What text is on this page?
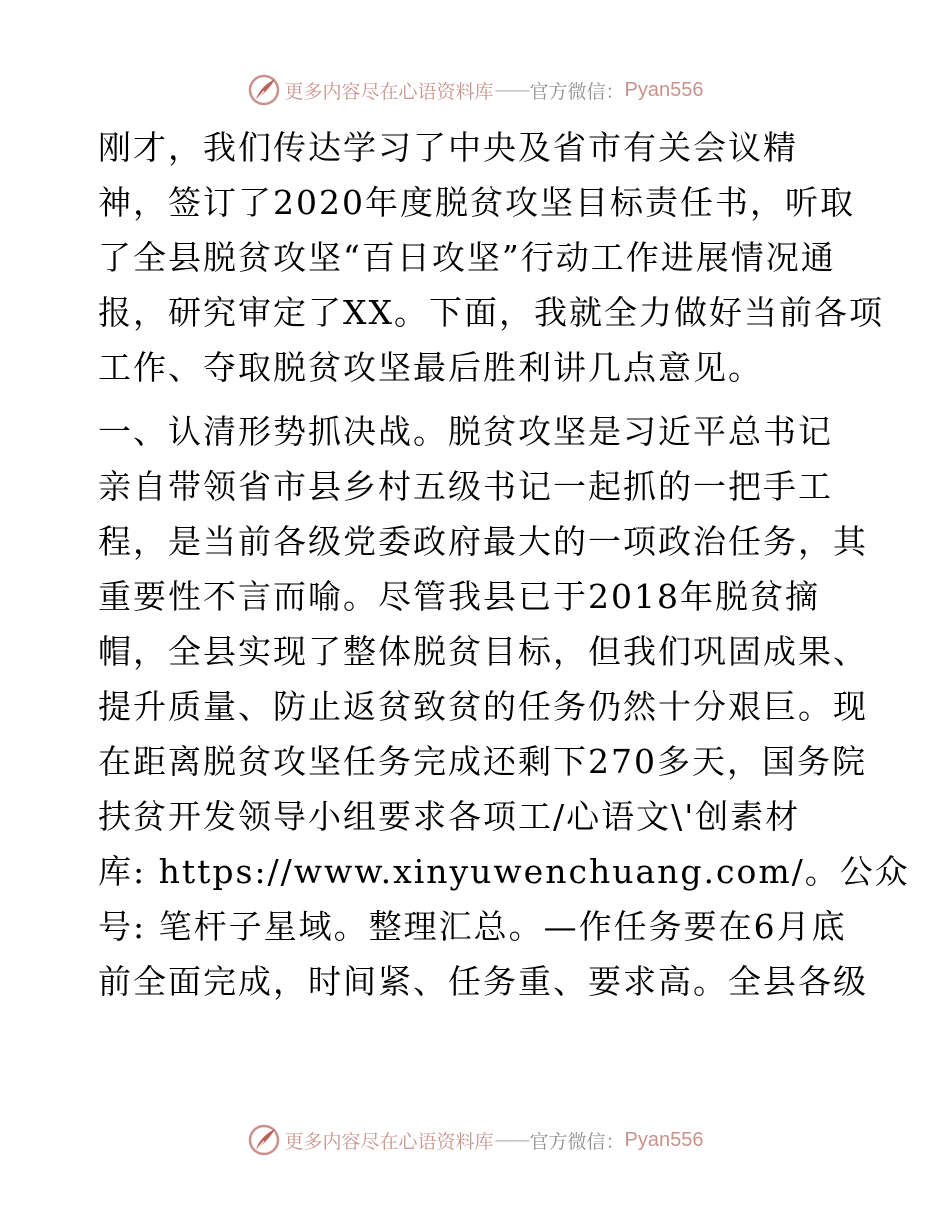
更多内容尽在心语资料库 —— 官方微信： Pyan556
刚才，我们传达学习了中央及省市有关会议精
神，签订了2020年度脱贫攻坚目标责任书，听取
了全县脱贫攻坚“百日攻坚”行动工作进展情况通
报，研究审定了XX。下面，我就全力做好当前各项
工作、夺取脱贫攻坚最后胜利讲几点意见。
一、认清形势抓决战。脱贫攻坚是习近平总书记
亲自带领省市县乡村五级书记一起抓的一把手工
程，是当前各级党委政府最大的一项政治任务，其
重要性不言而喻。尽管我县已于2018年脱贫摘
帽，全县实现了整体脱贫目标，但我们巩固成果、
提升质量、防止返贫致贫的任务仍然十分艰巨。现
在距离脱贫攻坚任务完成还剩下270多天，国务院
扶贫开发领导小组要求各项工/心语文\'创素材
库: https://www.xinyuwenchuang.com/。公众
号: 笔杆子星域。整理汇总。—作任务要在6月底
前全面完成，时间紧、任务重、要求高。全县各级
更多内容尽在心语资料库 —— 官方微信： Pyan556
